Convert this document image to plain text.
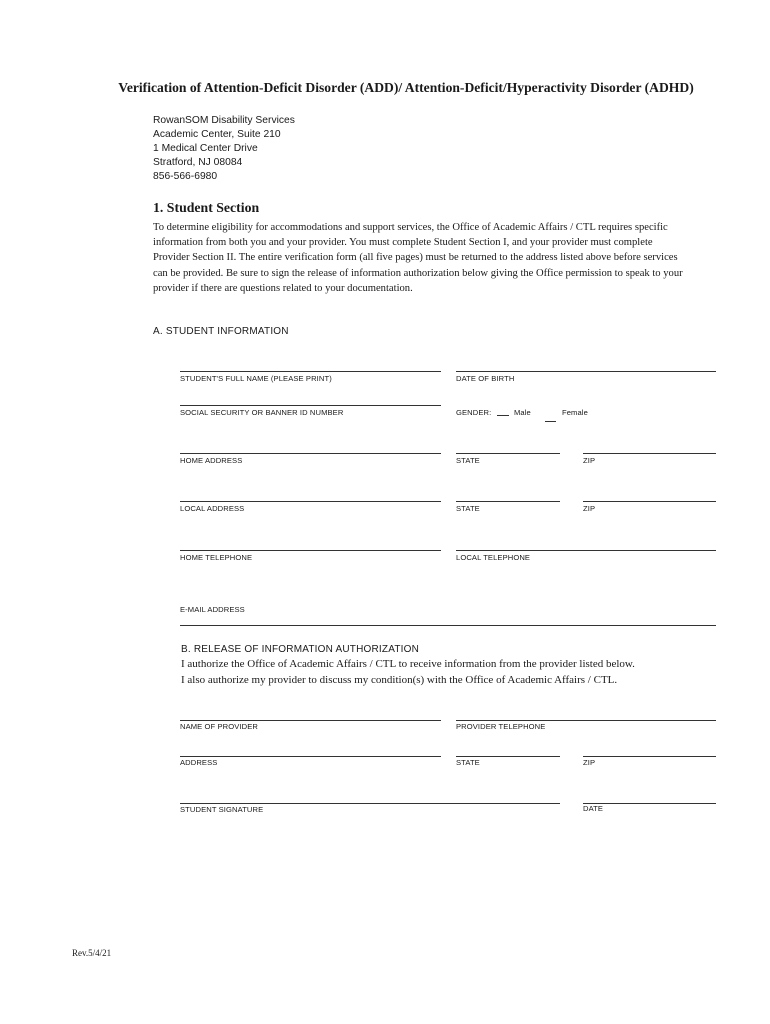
Verification of Attention-Deficit Disorder (ADD)/ Attention-Deficit/Hyperactivity Disorder (ADHD)
RowanSOM Disability Services
Academic Center, Suite 210
1 Medical Center Drive
Stratford, NJ 08084
856-566-6980
1. Student Section
To determine eligibility for accommodations and support services, the Office of Academic Affairs / CTL requires specific information from both you and your provider. You must complete Student Section I, and your provider must complete Provider Section II. The entire verification form (all five pages) must be returned to the address listed above before services can be provided. Be sure to sign the release of information authorization below giving the Office permission to speak to your provider if there are questions related to your documentation.
A. STUDENT INFORMATION
STUDENT'S FULL NAME (PLEASE PRINT)	DATE OF BIRTH
SOCIAL SECURITY OR BANNER ID NUMBER	GENDER:	Male	Female
HOME ADDRESS	STATE	ZIP
LOCAL ADDRESS	STATE	ZIP
HOME TELEPHONE	LOCAL TELEPHONE
E-MAIL ADDRESS
B. RELEASE OF INFORMATION AUTHORIZATION
I authorize the Office of Academic Affairs / CTL to receive information from the provider listed below.
I also authorize my provider to discuss my condition(s) with the Office of Academic Affairs / CTL.
NAME OF PROVIDER	PROVIDER TELEPHONE
ADDRESS	STATE	ZIP
STUDENT SIGNATURE	DATE
Rev.5/4/21
